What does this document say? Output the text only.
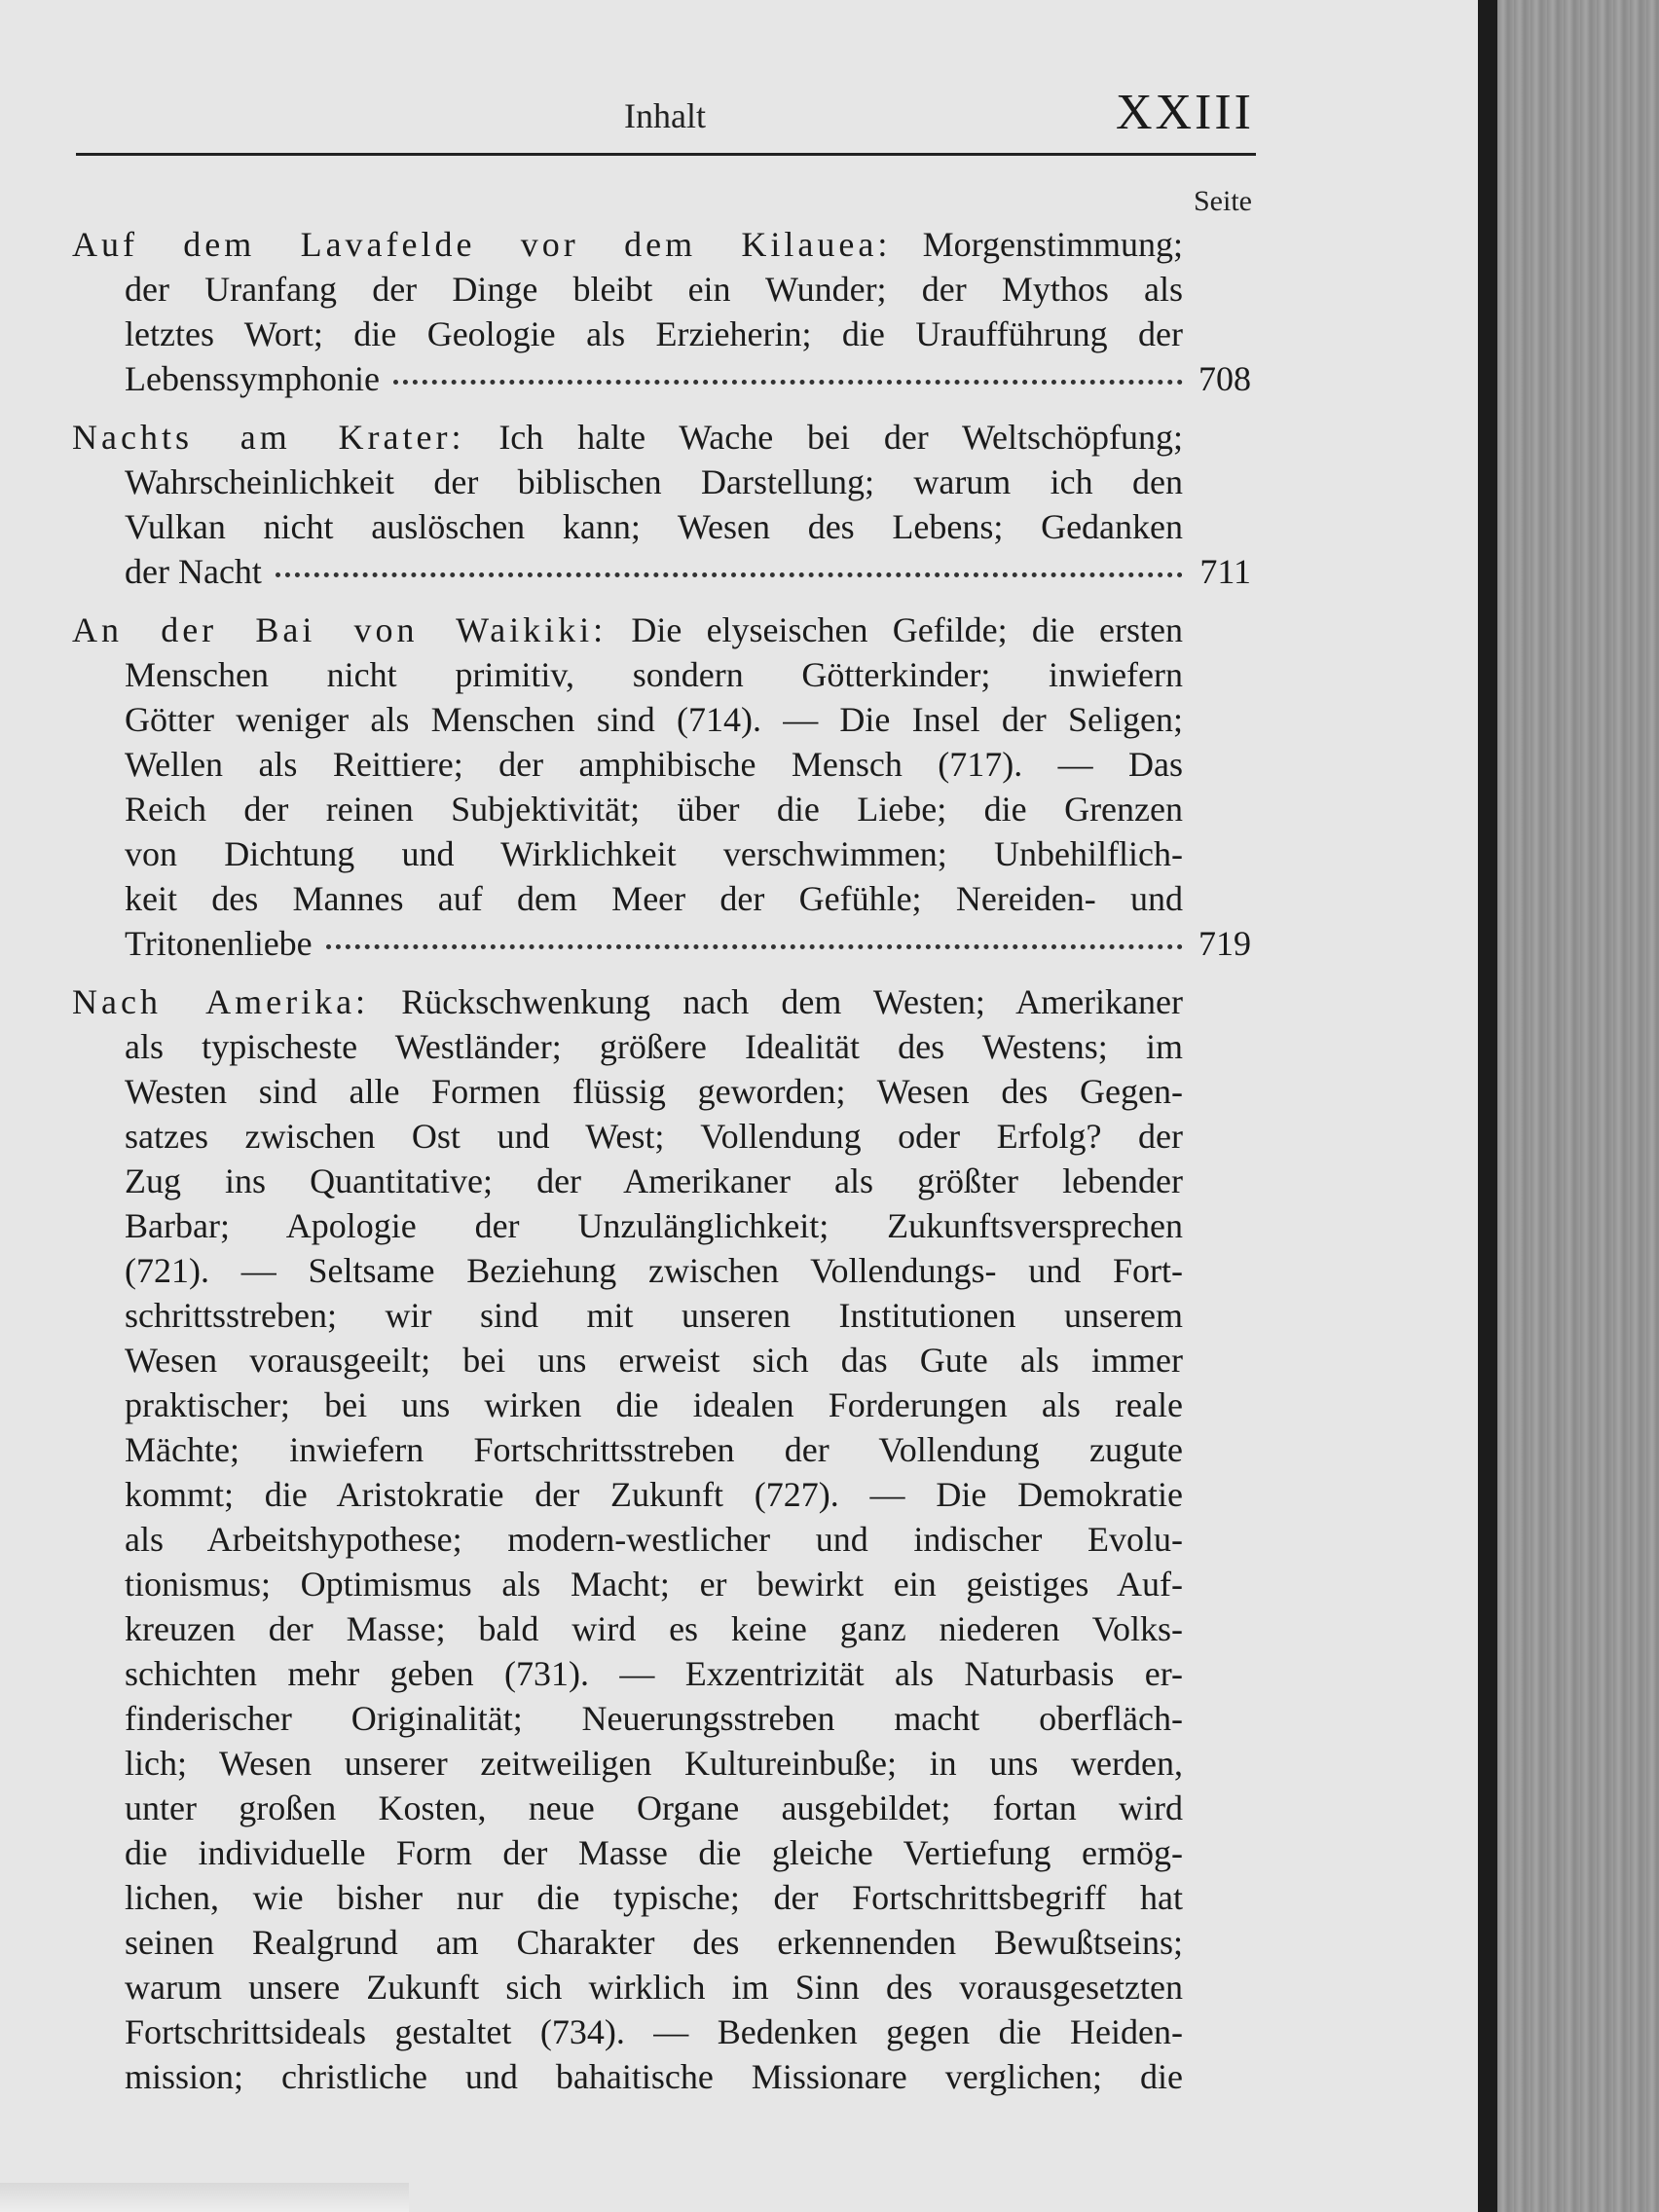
Inhalt	XXIII
Seite
Auf dem Lavafelde vor dem Kilauea: Morgenstimmung;
der Uranfang der Dinge bleibt ein Wunder; der Mythos als
letztes Wort; die Geologie als Erzieherin; die Uraufführung der
Lebenssymphonie	708
Nachts am Krater: Ich halte Wache bei der Weltschöpfung;
Wahrscheinlichkeit der biblischen Darstellung; warum ich den
Vulkan nicht auslöschen kann; Wesen des Lebens; Gedanken
der Nacht	711
An der Bai von Waikiki: Die elyseischen Gefilde; die ersten
Menschen nicht primitiv, sondern Götterkinder; inwiefern
Götter weniger als Menschen sind (714). — Die Insel der Seligen;
Wellen als Reittiere; der amphibische Mensch (717). — Das
Reich der reinen Subjektivität; über die Liebe; die Grenzen
von Dichtung und Wirklichkeit verschwimmen; Unbehilflich-
keit des Mannes auf dem Meer der Gefühle; Nereiden- und
Tritonenliebe	719
Nach Amerika: Rückschwenkung nach dem Westen; Amerikaner
als typischeste Westländer; größere Idealität des Westens; im
Westen sind alle Formen flüssig geworden; Wesen des Gegen-
satzes zwischen Ost und West; Vollendung oder Erfolg? der
Zug ins Quantitative; der Amerikaner als größter lebender
Barbar; Apologie der Unzulänglichkeit; Zukunftsversprechen
(721). — Seltsame Beziehung zwischen Vollendungs- und Fort-
schrittsstreben; wir sind mit unseren Institutionen unserem
Wesen vorausgeeilt; bei uns erweist sich das Gute als immer
praktischer; bei uns wirken die idealen Forderungen als reale
Mächte; inwiefern Fortschrittsstreben der Vollendung zugute
kommt; die Aristokratie der Zukunft (727). — Die Demokratie
als Arbeitshypothese; modern-westlicher und indischer Evolu-
tionismus; Optimismus als Macht; er bewirkt ein geistiges Auf-
kreuzen der Masse; bald wird es keine ganz niederen Volks-
schichten mehr geben (731). — Exzentrizität als Naturbasis er-
finderischer Originalität; Neuerungsstreben macht oberfläch-
lich; Wesen unserer zeitweiligen Kultureinbuße; in uns werden,
unter großen Kosten, neue Organe ausgebildet; fortan wird
die individuelle Form der Masse die gleiche Vertiefung ermög-
lichen, wie bisher nur die typische; der Fortschrittsbegriff hat
seinen Realgrund am Charakter des erkennenden Bewußtseins;
warum unsere Zukunft sich wirklich im Sinn des vorausgesetzten
Fortschrittsideals gestaltet (734). — Bedenken gegen die Heiden-
mission; christliche und bahaitische Missionare verglichen; die
